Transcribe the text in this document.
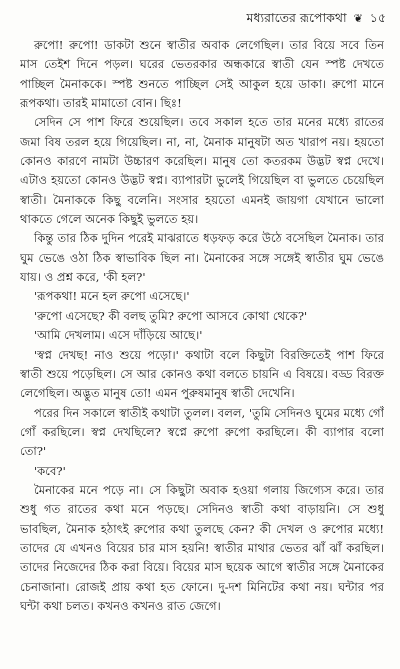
মধ্যরাতের রূপোকথা ❦ ১৫

রুপো! রুপো! ডাকটা শুনে স্বাতীর অবাক লেগেছিল। তার বিয়ে সবে তিন মাস তেইশ দিনে পড়ল। ঘরের ভেতরকার অন্ধকারে স্বাতী যেন স্পষ্ট দেখতে পাচ্ছিল মৈনাককে। স্পষ্ট শুনতে পাচ্ছিল সেই আকুল হয়ে ডাকা। রুপো মানে রূপকথা। তারই মামাতো বোন। ছিঃ!

সেদিন সে পাশ ফিরে শুয়েছিল। তবে সকাল হতে তার মনের মধ্যে রাতের জমা বিষ তরল হয়ে গিয়েছিল। না, না, মৈনাক মানুষটা অত খারাপ নয়। হয়তো কোনও কারণে নামটা উচ্চারণ করেছিল। মানুষ তো কতরকম উদ্ভট স্বপ্ন দেখে। এটাও হয়তো কোনও উদ্ভট স্বপ্ন। ব্যাপারটা ভুলেই গিয়েছিল বা ভুলতে চেয়েছিল স্বাতী। মৈনাককে কিছু বলেনি। সংসার হয়তো এমনই জায়গা যেখানে ভালো থাকতে গেলে অনেক কিছুই ভুলতে হয়।

কিন্তু তার ঠিক দুদিন পরেই মাঝরাতে ধড়ফড় করে উঠে বসেছিল মৈনাক। তার ঘুম ভেঙে ওঠা ঠিক স্বাভাবিক ছিল না। মৈনাকের সঙ্গে সঙ্গেই স্বাতীর ঘুম ভেঙে যায়। ও প্রশ্ন করে, 'কী হল?'

'রূপকথা! মনে হল রুপো এসেছে।'

'রুপো এসেছে? কী বলছ তুমি? রুপো আসবে কোথা থেকে?'

'আমি দেখলাম। এসে দাঁড়িয়ে আছে।'

'স্বপ্ন দেখছ! নাও শুয়ে পড়ো।' কথাটা বলে কিছুটা বিরক্তিতেই পাশ ফিরে স্বাতী শুয়ে পড়েছিল। সে আর কোনও কথা বলতে চায়নি এ বিষয়ে। বড্ড বিরক্ত লেগেছিল। অদ্ভুত মানুষ তো! এমন পুরুষমানুষ স্বাতী দেখেনি।

পরের দিন সকালে স্বাতীই কথাটা তুলল। বলল, 'তুমি সেদিনও ঘুমের মধ্যে গোঁ গোঁ করছিলে। স্বপ্ন দেখছিলে? স্বপ্নে রুপো রুপো করছিলে। কী ব্যাপার বলো তো?'

'কবে?'

মৈনাকের মনে পড়ে না। সে কিছুটা অবাক হওয়া গলায় জিগ্যেস করে। তার শুধু গত রাতের কথা মনে পড়ছে। সেদিনও স্বাতী কথা বাড়ায়নি। সে শুধু ভাবছিল, মৈনাক হঠাৎই রুপোর কথা তুলছে কেন? কী দেখল ও রুপোর মধ্যে! তাদের যে এখনও বিয়ের চার মাস হয়নি! স্বাতীর মাথার ভেতর ঝাঁ ঝাঁ করছিল। তাদের নিজেদের ঠিক করা বিয়ে। বিয়ের মাস ছয়েক আগে স্বাতীর সঙ্গে মৈনাকের চেনাজানা। রোজই প্রায় কথা হত ফোনে। দু-দশ মিনিটের কথা নয়। ঘন্টার পর ঘন্টা কথা চলত। কখনও কখনও রাত জেগে।
